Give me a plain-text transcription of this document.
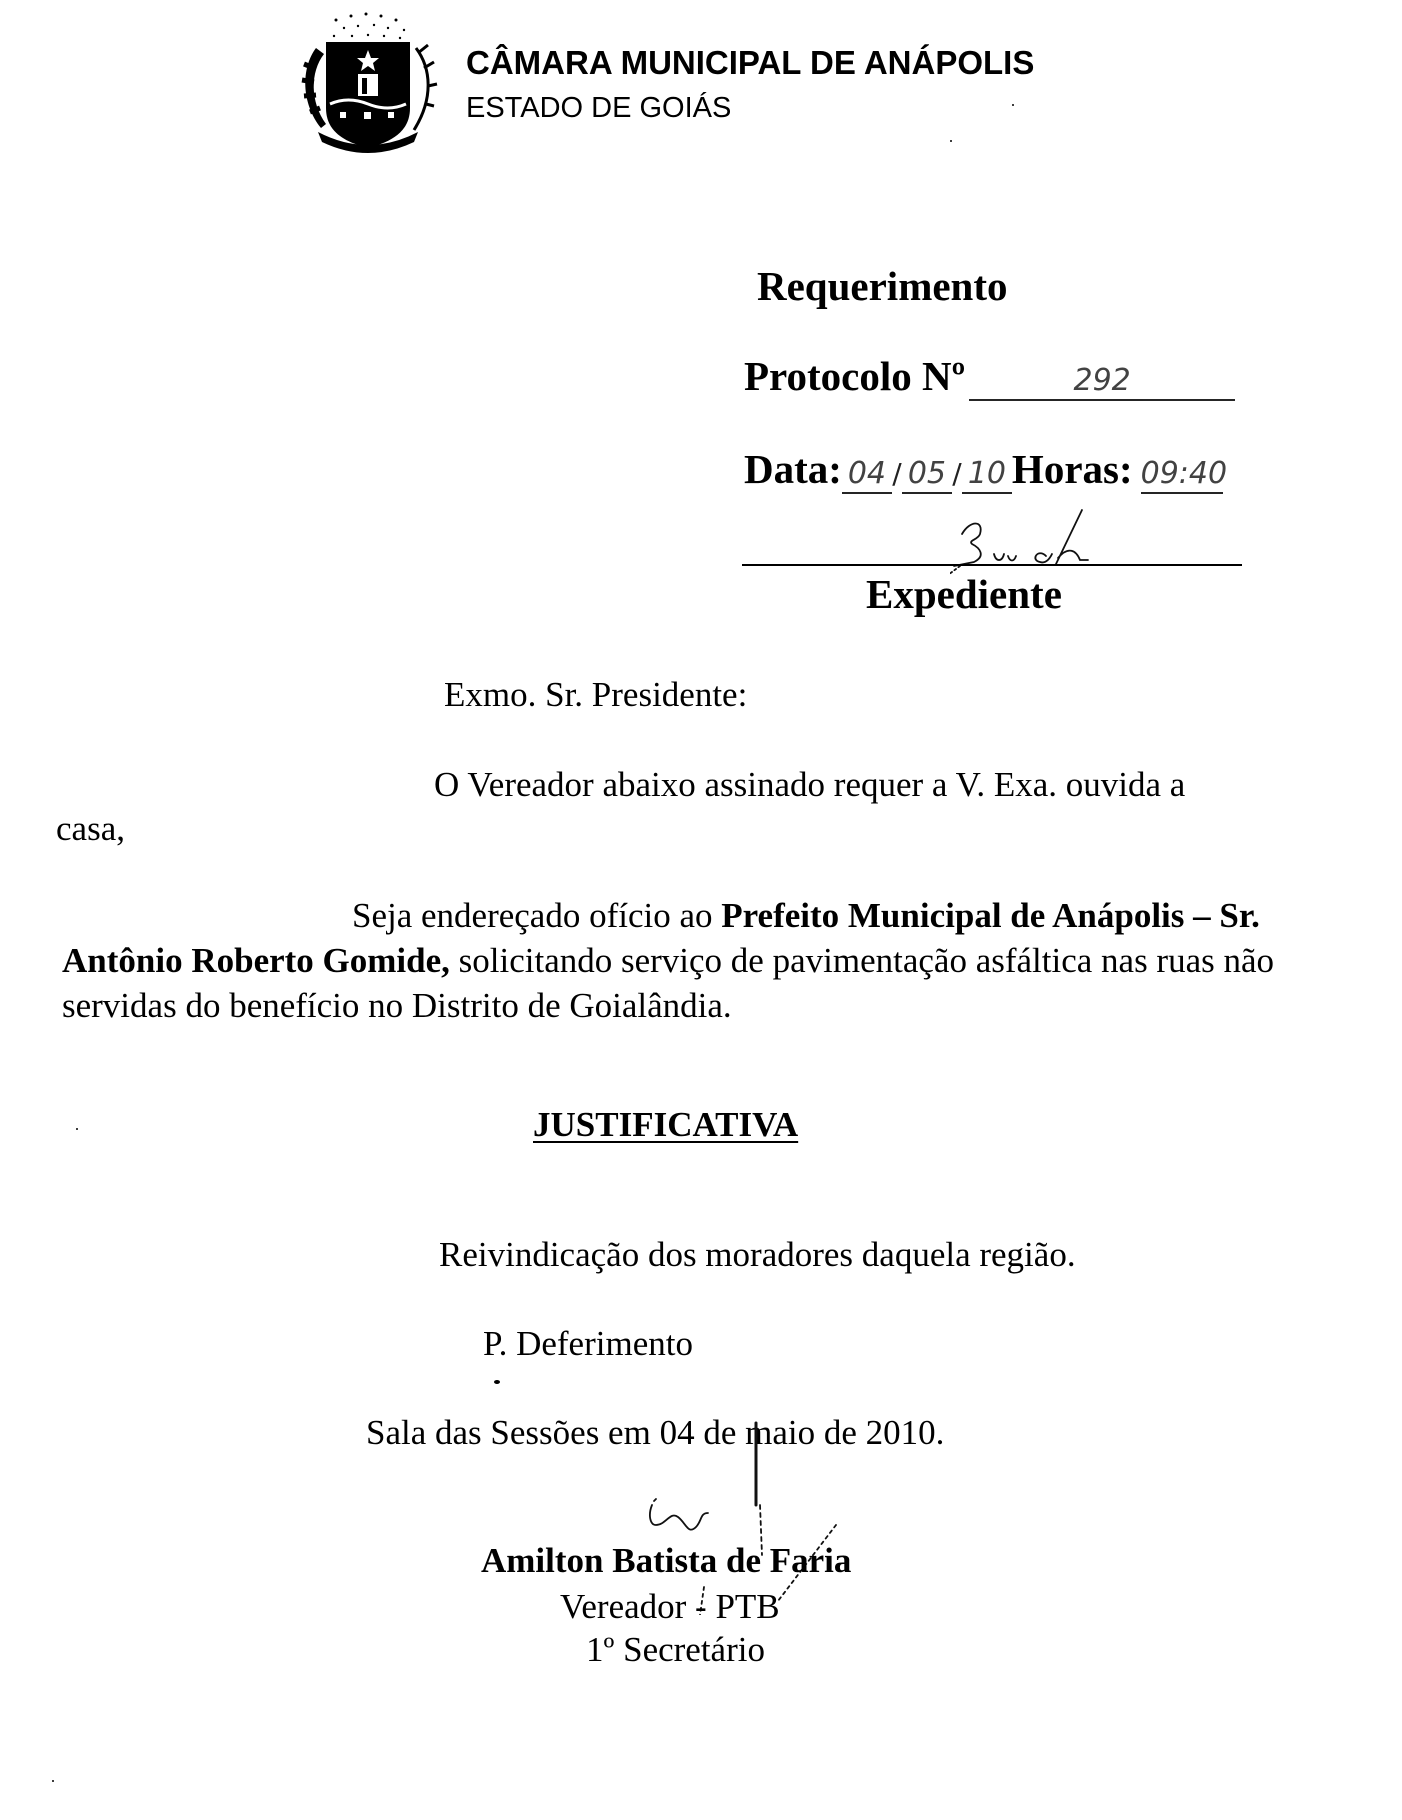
CÂMARA MUNICIPAL DE ANÁPOLIS
ESTADO DE GOIÁS
Requerimento
Protocolo Nº	292
Data: 04 / 05 / 10 Horas: 09:40
Expediente
Exmo. Sr. Presidente:
O Vereador abaixo assinado requer a V. Exa. ouvida a
casa,
Seja endereçado ofício ao Prefeito Municipal de Anápolis – Sr. Antônio Roberto Gomide, solicitando serviço de pavimentação asfáltica nas ruas não servidas do benefício no Distrito de Goialândia.
JUSTIFICATIVA
Reivindicação dos moradores daquela região.
P. Deferimento
Sala das Sessões em 04 de maio de 2010.
Amilton Batista de Faria
Vereador - PTB
1º Secretário
